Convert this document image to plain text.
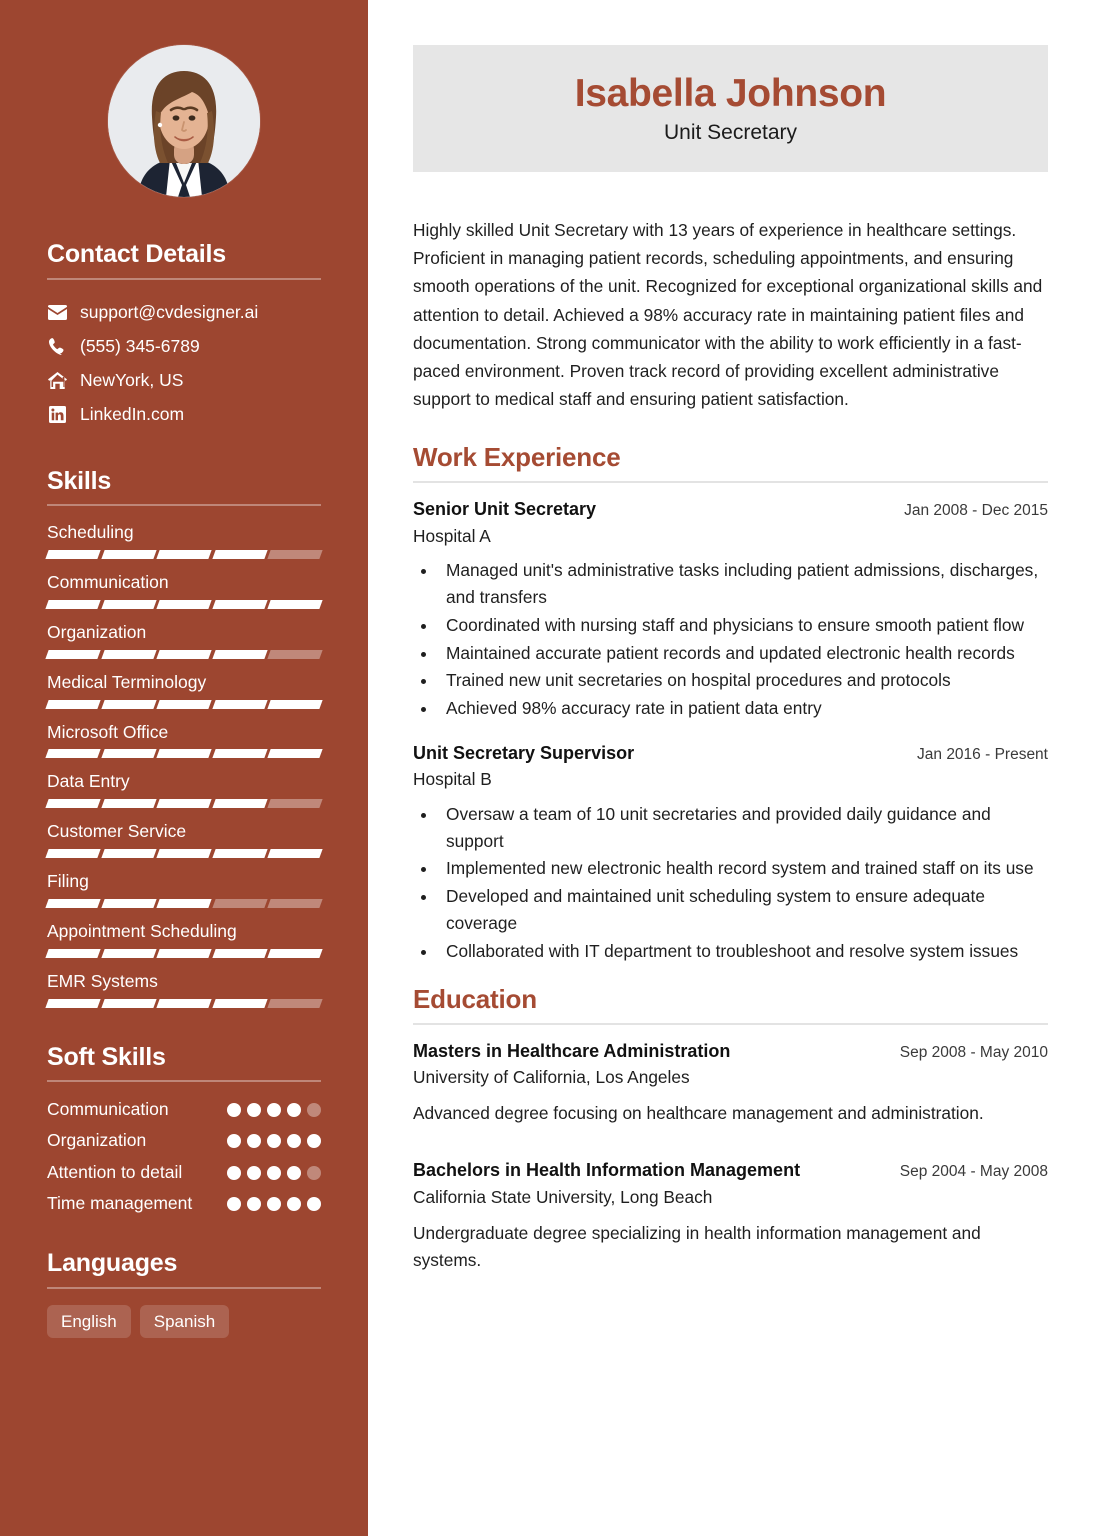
Contact Details
support@cvdesigner.ai
(555) 345-6789
NewYork, US
LinkedIn.com
Skills
Scheduling
Communication
Organization
Medical Terminology
Microsoft Office
Data Entry
Customer Service
Filing
Appointment Scheduling
EMR Systems
Soft Skills
Communication
Organization
Attention to detail
Time management
Languages
English	Spanish
Isabella Johnson
Unit Secretary

Highly skilled Unit Secretary with 13 years of experience in healthcare settings. Proficient in managing patient records, scheduling appointments, and ensuring smooth operations of the unit. Recognized for exceptional organizational skills and attention to detail. Achieved a 98% accuracy rate in maintaining patient files and documentation. Strong communicator with the ability to work efficiently in a fast-paced environment. Proven track record of providing excellent administrative support to medical staff and ensuring patient satisfaction.

Work Experience
Senior Unit Secretary	Jan 2008 - Dec 2015
Hospital A
• Managed unit's administrative tasks including patient admissions, discharges, and transfers
• Coordinated with nursing staff and physicians to ensure smooth patient flow
• Maintained accurate patient records and updated electronic health records
• Trained new unit secretaries on hospital procedures and protocols
• Achieved 98% accuracy rate in patient data entry
Unit Secretary Supervisor	Jan 2016 - Present
Hospital B
• Oversaw a team of 10 unit secretaries and provided daily guidance and support
• Implemented new electronic health record system and trained staff on its use
• Developed and maintained unit scheduling system to ensure adequate coverage
• Collaborated with IT department to troubleshoot and resolve system issues
Education
Masters in Healthcare Administration	Sep 2008 - May 2010
University of California, Los Angeles
Advanced degree focusing on healthcare management and administration.
Bachelors in Health Information Management	Sep 2004 - May 2008
California State University, Long Beach
Undergraduate degree specializing in health information management and systems.
